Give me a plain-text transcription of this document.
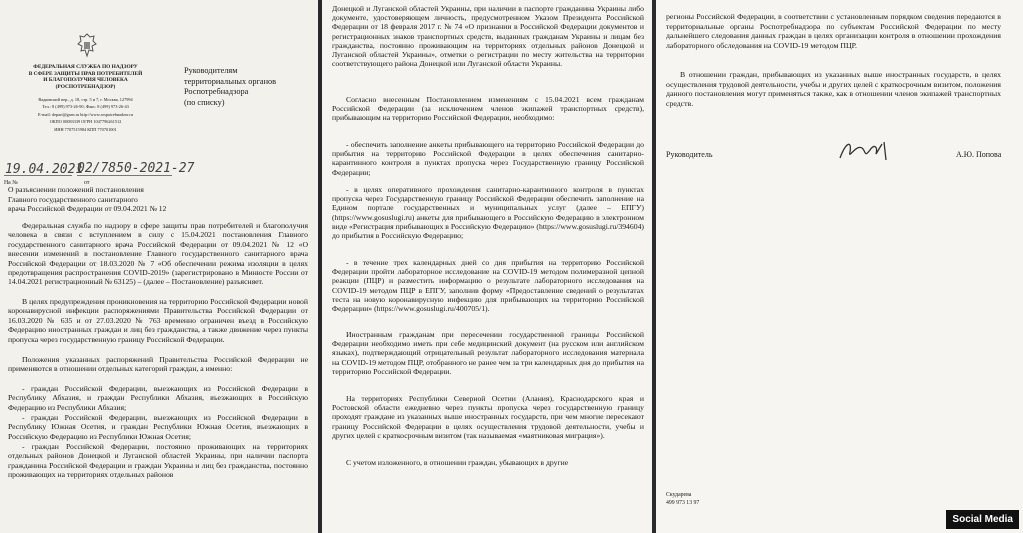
ФЕДЕРАЛЬНАЯ СЛУЖБА ПО НАДЗОРУ
В СФЕРЕ ЗАЩИТЫ ПРАВ ПОТРЕБИТЕЛЕЙ
И БЛАГОПОЛУЧИЯ ЧЕЛОВЕКА
(РОСПОТРЕБНАДЗОР)
Вадковский пер., д. 18, стр. 5 и 7, г. Москва, 127994
Тел.: 8 (499) 973-26-90; Факс: 8 (499) 973-26-43
E-mail: depart@gsen.ru http://www.rospotrebnadzor.ru
ОКПО 00083339 ОГРН 1047796261512
ИНН 7707515984 КПП 770701001
19.04.2021
02/7850-2021-27
На №	от
Руководителям
территориальных органов
Роспотребнадзора
(по списку)
О разъяснении положений постановления
Главного государственного санитарного
врача Российской Федерации от 09.04.2021 № 12

Федеральная служба по надзору в сфере защиты прав потребителей и благополучия человека в связи с вступлением в силу с 15.04.2021 постановления Главного государственного санитарного врача Российской Федерации от 09.04.2021 № 12 «О внесении изменений в постановление Главного государственного санитарного врача Российской Федерации от 18.03.2020 № 7 «Об обеспечении режима изоляции в целях предотвращения распространения COVID-2019» (зарегистрировано в Минюсте России от 14.04.2021 регистрационный № 63125) – (далее – Постановление) разъясняет.

В целях предупреждения проникновения на территорию Российской Федерации новой коронавирусной инфекции распоряжениями Правительства Российской Федерации от 16.03.2020 № 635 и от 27.03.2020 № 763 временно ограничен въезд в Российскую Федерацию иностранных граждан и лиц без гражданства, а также движение через пункты пропуска через государственную границу Российской Федерации.

Положения указанных распоряжений Правительства Российской Федерации не применяются в отношении отдельных категорий граждан, а именно:

- граждан Российской Федерации, выезжающих из Российской Федерации в Республику Абхазия, и граждан Республики Абхазия, въезжающих в Российскую Федерацию из Республики Абхазия;

- граждан Российской Федерации, выезжающих из Российской Федерации в Республику Южная Осетия, и граждан Республики Южная Осетия, въезжающих в Российскую Федерацию из Республики Южная Осетия;

- граждан Российской Федерации, постоянно проживающих на территориях отдельных районов Донецкой и Луганской областей Украины, при наличии паспорта гражданина Российской Федерации и граждан Украины и лиц без гражданства, постоянно проживающих на территориях отдельных районов

Донецкой и Луганской областей Украины, при наличии в паспорте гражданина Украины либо документе, удостоверяющем личность, предусмотренном Указом Президента Российской Федерации от 18 февраля 2017 г. № 74 «О признании в Российской Федерации документов и регистрационных знаков транспортных средств, выданных гражданам Украины и лицам без гражданства, постоянно проживающим на территориях отдельных районов Донецкой и Луганской областей Украины», отметки о регистрации по месту жительства на территории соответствующего района Донецкой или Луганской области Украины.

Согласно внесенным Постановлением изменениям с 15.04.2021 всем гражданам Российской Федерации (за исключением членов экипажей транспортных средств), прибывающим на территорию Российской Федерации, необходимо:

- обеспечить заполнение анкеты прибывающего на территорию Российской Федерации до прибытия на территорию Российской Федерации в целях обеспечения санитарно-карантинного контроля в пунктах пропуска через Государственную границу Российской Федерации;

- в целях оперативного прохождения санитарно-карантинного контроля в пунктах пропуска через Государственную границу Российской Федерации обеспечить заполнение на Едином портале государственных и муниципальных услуг (далее – ЕПГУ) (https://www.gosuslugi.ru) анкеты для прибывающего в Российскую Федерацию в электронном виде «Регистрация прибывающих в Российскую Федерацию» (https://www.gosuslugi.ru/394604) до прибытия в Российскую Федерацию;

- в течение трех календарных дней со дня прибытия на территорию Российской Федерации пройти лабораторное исследование на COVID-19 методом полимеразной цепной реакции (ПЦР) и разместить информацию о результате лабораторного исследования на COVID-19 методом ПЦР в ЕПГУ, заполнив форму «Предоставление сведений о результатах теста на новую коронавирусную инфекцию для прибывающих на территорию Российской Федерации» (https://www.gosuslugi.ru/400705/1).

Иностранным гражданам при пересечении государственной границы Российской Федерации необходимо иметь при себе медицинский документ (на русском или английском языках), подтверждающий отрицательный результат лабораторного исследования материала на COVID-19 методом ПЦР, отобранного не ранее чем за три календарных дня до прибытия на территорию Российской Федерации.

На территориях Республики Северной Осетии (Алания), Краснодарского края и Ростовской области ежедневно через пункты пропуска через государственную границу проходят граждане из указанных выше иностранных государств, при чем многие пересекают границу Российской Федерации в целях осуществления трудовой деятельности, учебы и других целей с краткосрочным визитом (так называемая «маятниковая миграция»).

С учетом изложенного, в отношении граждан, убывающих в другие

регионы Российской Федерации, в соответствии с установленным порядком сведения передаются в территориальные органы Роспотребнадзора по субъектам Российской Федерации по месту дальнейшего следования данных граждан в целях организации контроля в отношении прохождения лабораторного обследования на COVID-19 методом ПЦР.

В отношении граждан, прибывающих из указанных выше иностранных государств, в целях осуществления трудовой деятельности, учебы и других целей с краткосрочным визитом, положения данного постановления могут применяться также, как в отношении членов экипажей транспортных средств.

Руководитель	А.Ю. Попова
Скударева
499 973 13 97
Social Media
